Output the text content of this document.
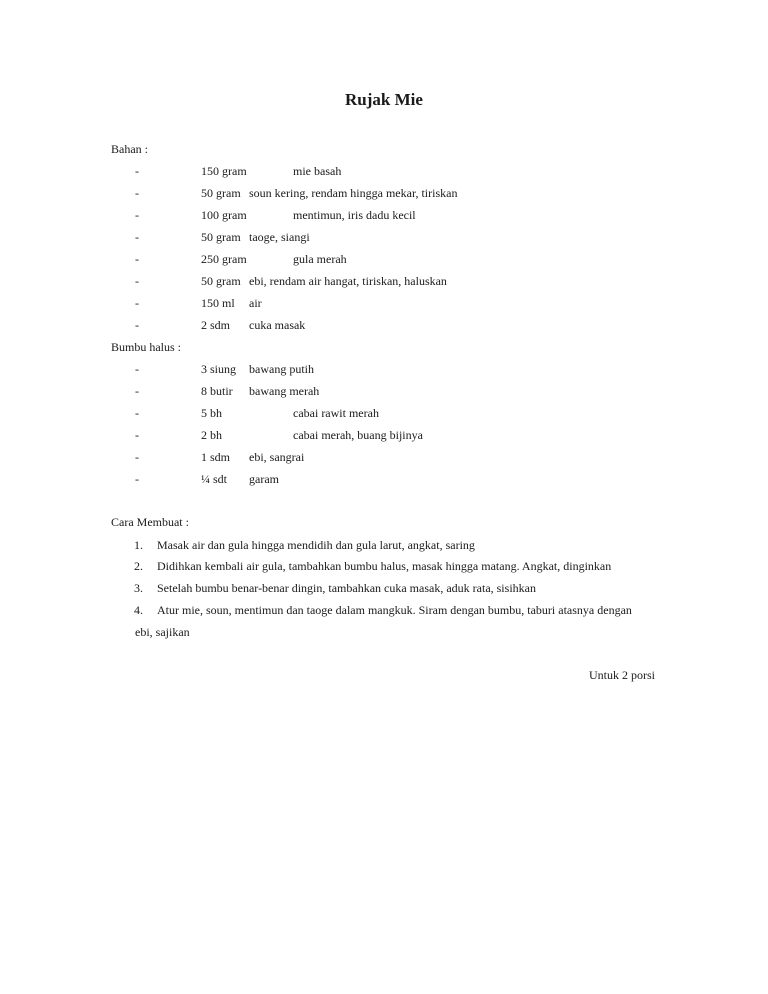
Rujak Mie
Bahan :
-	150 gram	mie basah
-	50 gram soun kering, rendam hingga mekar, tiriskan
-	100 gram	mentimun, iris dadu kecil
-	50 gram taoge, siangi
-	250 gram	gula merah
-	50 gram ebi, rendam air hangat, tiriskan, haluskan
-	150 ml air
-	2 sdm cuka masak
Bumbu halus :
-	3 siung bawang putih
-	8 butir bawang merah
-	5 bh	cabai rawit merah
-	2 bh	cabai merah, buang bijinya
-	1 sdm ebi, sangrai
-	¼ sdt garam
Cara Membuat :
1. Masak air dan gula hingga mendidih dan gula larut, angkat, saring
2. Didihkan kembali air gula, tambahkan bumbu halus, masak hingga matang. Angkat, dinginkan
3. Setelah bumbu benar-benar dingin, tambahkan cuka masak, aduk rata, sisihkan
4. Atur mie, soun, mentimun dan taoge dalam mangkuk. Siram dengan bumbu, taburi atasnya dengan
ebi, sajikan
Untuk 2 porsi
